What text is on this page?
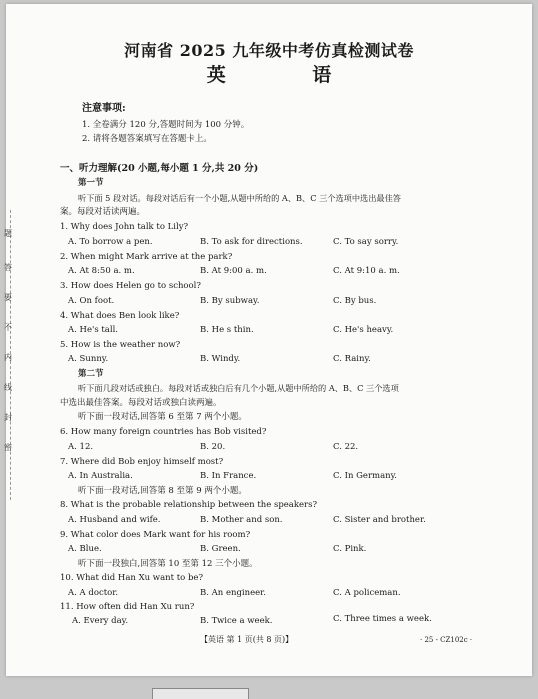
题
答
要
不
内
线
封
密
河南省 2025 九年级中考仿真检测试卷
英 语
注意事项:
1. 全卷满分 120 分,答题时间为 100 分钟。
2. 请将各题答案填写在答题卡上。
一、听力理解(20 小题,每小题 1 分,共 20 分)
第一节
听下面 5 段对话。每段对话后有一个小题,从题中所给的 A、B、C 三个选项中选出最佳答
案。每段对话读两遍。
1. Why does John talk to Lily?
A. To borrow a pen.	B. To ask for directions.	C. To say sorry.
2. When might Mark arrive at the park?
A. At 8:50 a. m.	B. At 9:00 a. m.	C. At 9:10 a. m.
3. How does Helen go to school?
A. On foot.	B. By subway.	C. By bus.
4. What does Ben look like?
A. He's tall.	B. He s thin.	C. He's heavy.
5. How is the weather now?
A. Sunny.	B. Windy.	C. Rainy.
第二节
听下面几段对话或独白。每段对话或独白后有几个小题,从题中所给的 A、B、C 三个选项
中选出最佳答案。每段对话或独白读两遍。
听下面一段对话,回答第 6 至第 7 两个小题。
6. How many foreign countries has Bob visited?
A. 12.	B. 20.	C. 22.
7. Where did Bob enjoy himself most?
A. In Australia.	B. In France.	C. In Germany.
听下面一段对话,回答第 8 至第 9 两个小题。
8. What is the probable relationship between the speakers?
A. Husband and wife.	B. Mother and son.	C. Sister and brother.
9. What color does Mark want for his room?
A. Blue.	B. Green.	C. Pink.
听下面一段独白,回答第 10 至第 12 三个小题。
10. What did Han Xu want to be?
A. A doctor.	B. An engineer.	C. A policeman.
11. How often did Han Xu run?
A. Every day.	B. Twice a week.	C. Three times a week.
【英语 第 1 页(共 8 页)】	· 25 - CZ102c ·
